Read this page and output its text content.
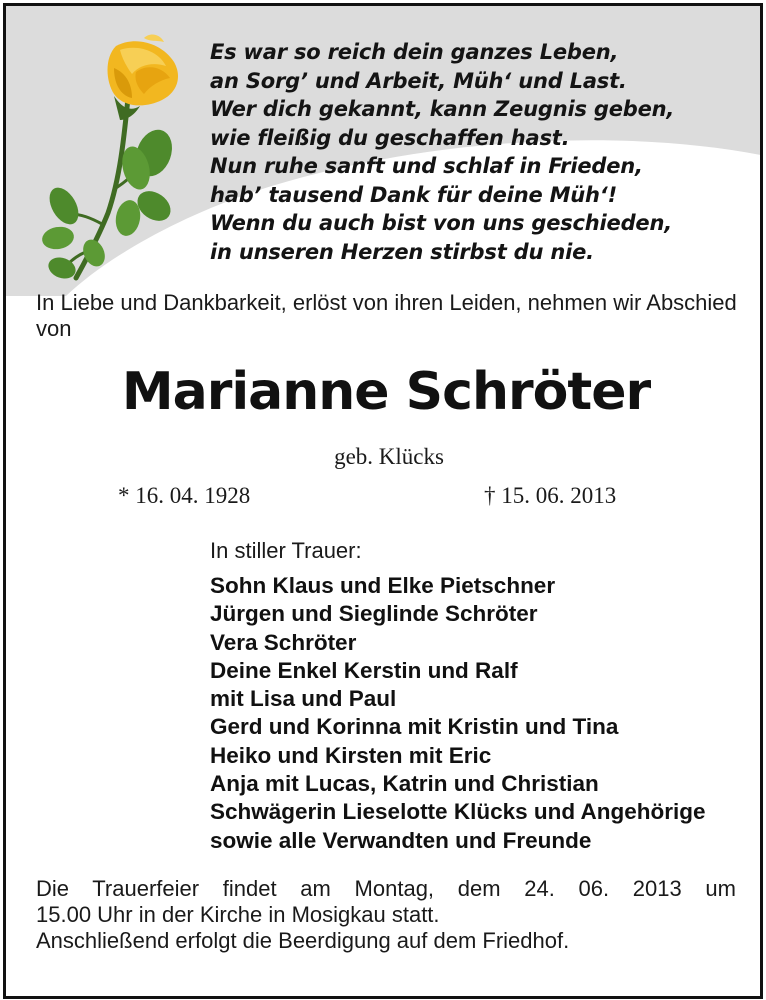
Es war so reich dein ganzes Leben,
an Sorg’ und Arbeit, Müh‘ und Last.
Wer dich gekannt, kann Zeugnis geben,
wie fleißig du geschaffen hast.
Nun ruhe sanft und schlaf in Frieden,
hab’ tausend Dank für deine Müh‘!
Wenn du auch bist von uns geschieden,
in unseren Herzen stirbst du nie.
In Liebe und Dankbarkeit, erlöst von ihren Leiden, nehmen wir Abschied von
Marianne Schröter
geb. Klücks
* 16. 04. 1928	† 15. 06. 2013
In stiller Trauer:
Sohn Klaus und Elke Pietschner
Jürgen und Sieglinde Schröter
Vera Schröter
Deine Enkel Kerstin und Ralf
mit Lisa und Paul
Gerd und Korinna mit Kristin und Tina
Heiko und Kirsten mit Eric
Anja mit Lucas, Katrin und Christian
Schwägerin Lieselotte Klücks und Angehörige
sowie alle Verwandten und Freunde
Die Trauerfeier findet am Montag, dem 24. 06. 2013 um
15.00 Uhr in der Kirche in Mosigkau statt.
Anschließend erfolgt die Beerdigung auf dem Friedhof.
